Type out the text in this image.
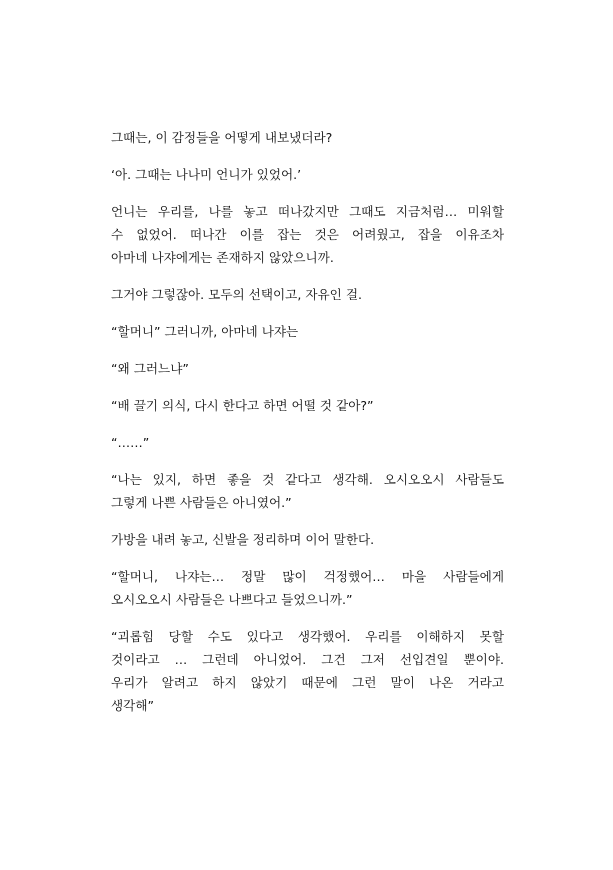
그때는, 이 감정들을 어떻게 내보냈더라?

‘아. 그때는 나나미 언니가 있었어.’

언니는 우리를, 나를 놓고 떠나갔지만 그때도 지금처럼… 미워할
수 없었어. 떠나간 이를 잡는 것은 어려웠고, 잡을 이유조차
아마네 나쟈에게는 존재하지 않았으니까.

그거야 그렇잖아. 모두의 선택이고, 자유인 걸.

“할머니” 그러니까, 아마네 나쟈는

“왜 그러느냐”

“배 끌기 의식, 다시 한다고 하면 어떨 것 같아?”

“……”

“나는 있지, 하면 좋을 것 같다고 생각해. 오시오오시 사람들도
그렇게 나쁜 사람들은 아니였어.”

가방을 내려 놓고, 신발을 정리하며 이어 말한다.

“할머니, 나쟈는… 정말 많이 걱정했어… 마을 사람들에게
오시오오시 사람들은 나쁘다고 들었으니까.”

“괴롭힘 당할 수도 있다고 생각했어. 우리를 이해하지 못할
것이라고 … 그런데 아니었어. 그건 그저 선입견일 뿐이야.
우리가 알려고 하지 않았기 때문에 그런 말이 나온 거라고
생각해”
